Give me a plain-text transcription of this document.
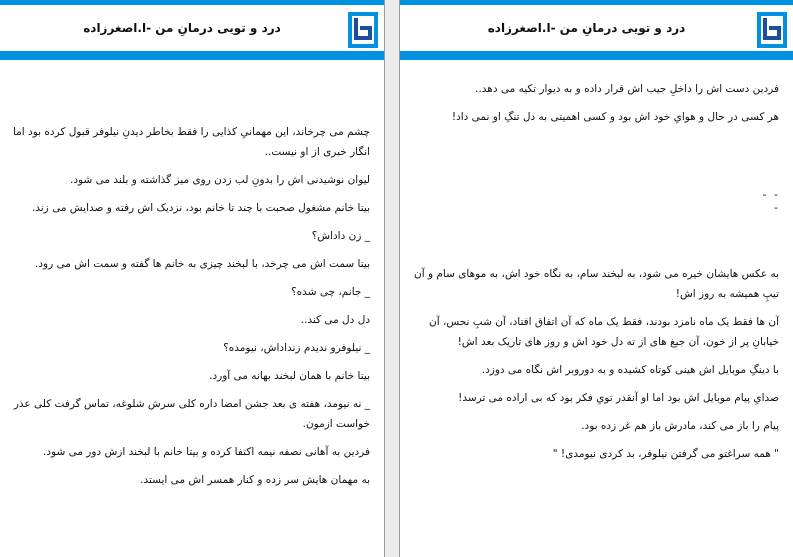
درد و تویی درمانِ من -ا.اصغرزاده

چشم می چرخاند، این مهمانیِ کذایی را فقط بخاطر دیدنِ نیلوفر قبول کرده بود اما انگار خبری از او نیست..

لیوان نوشیدنی اش را بدونِ لب زدن روی میز گذاشته و بلند می شود.

بیتا خانم مشغول صحبت با چند تا خانم بود، نزدیک اش رفته و صدایش می زند.

_ زن داداش؟

بیتا سمت اش می چرخد، با لبخند چیزی به خانم ها گفته و سمت اش می رود.

_ جانم، چی شده؟

دل دل می کند..

_ نیلوفرو ندیدم زنداداش، نیومده؟

بیتا خانم با همان لبخند بهانه می آورد.

_ نه نیومد، هفته ی بعد جشن امضا داره کلی سرش شلوغه، تماس گرفت کلی عذر خواست ازمون.

فردین به آهانی نصفه نیمه اکتفا کرده و بیتا خانم با لبخند ازش دور می شود.

به مهمان هایش سر زده و کنار همسر اش می ایستد.

درد و تویی درمانِ من -ا.اصغرزاده

فردین دست اش را داخلِ جیب اش قرار داده و به دیوار تکیه می دهد..

هر کسی در حال و هوایِ خود اش بود و کسی اهمیتی به دل تنگِ او نمی داد!

- - -

به عکس هایشان خیره می شود، به لبخند سام، به نگاه خود اش، به موهای سام و آن تیپِ همیشه به روز اش!

آن ها فقط یک ماه نامزد بودند، فقط یک ماه که آن اتفاق افتاد، آن شبِ نحس، آن خیابانِ پر از خون، آن جیغ های از ته دل خود اش و روز های تاریک بعد اش!

با دینگِ موبایل اش هینی کوتاه کشیده و به دوروبر اش نگاه می دوزد.

صدایِ پیام موبایل اش بود اما او آنقدر تویِ فکر بود که بی اراده می ترسد!

پیام را باز می کند، مادرش باز هم غر زده بود.

" همه سراغتو می گرفتن نیلوفر، بد کردی نیومدی! "
